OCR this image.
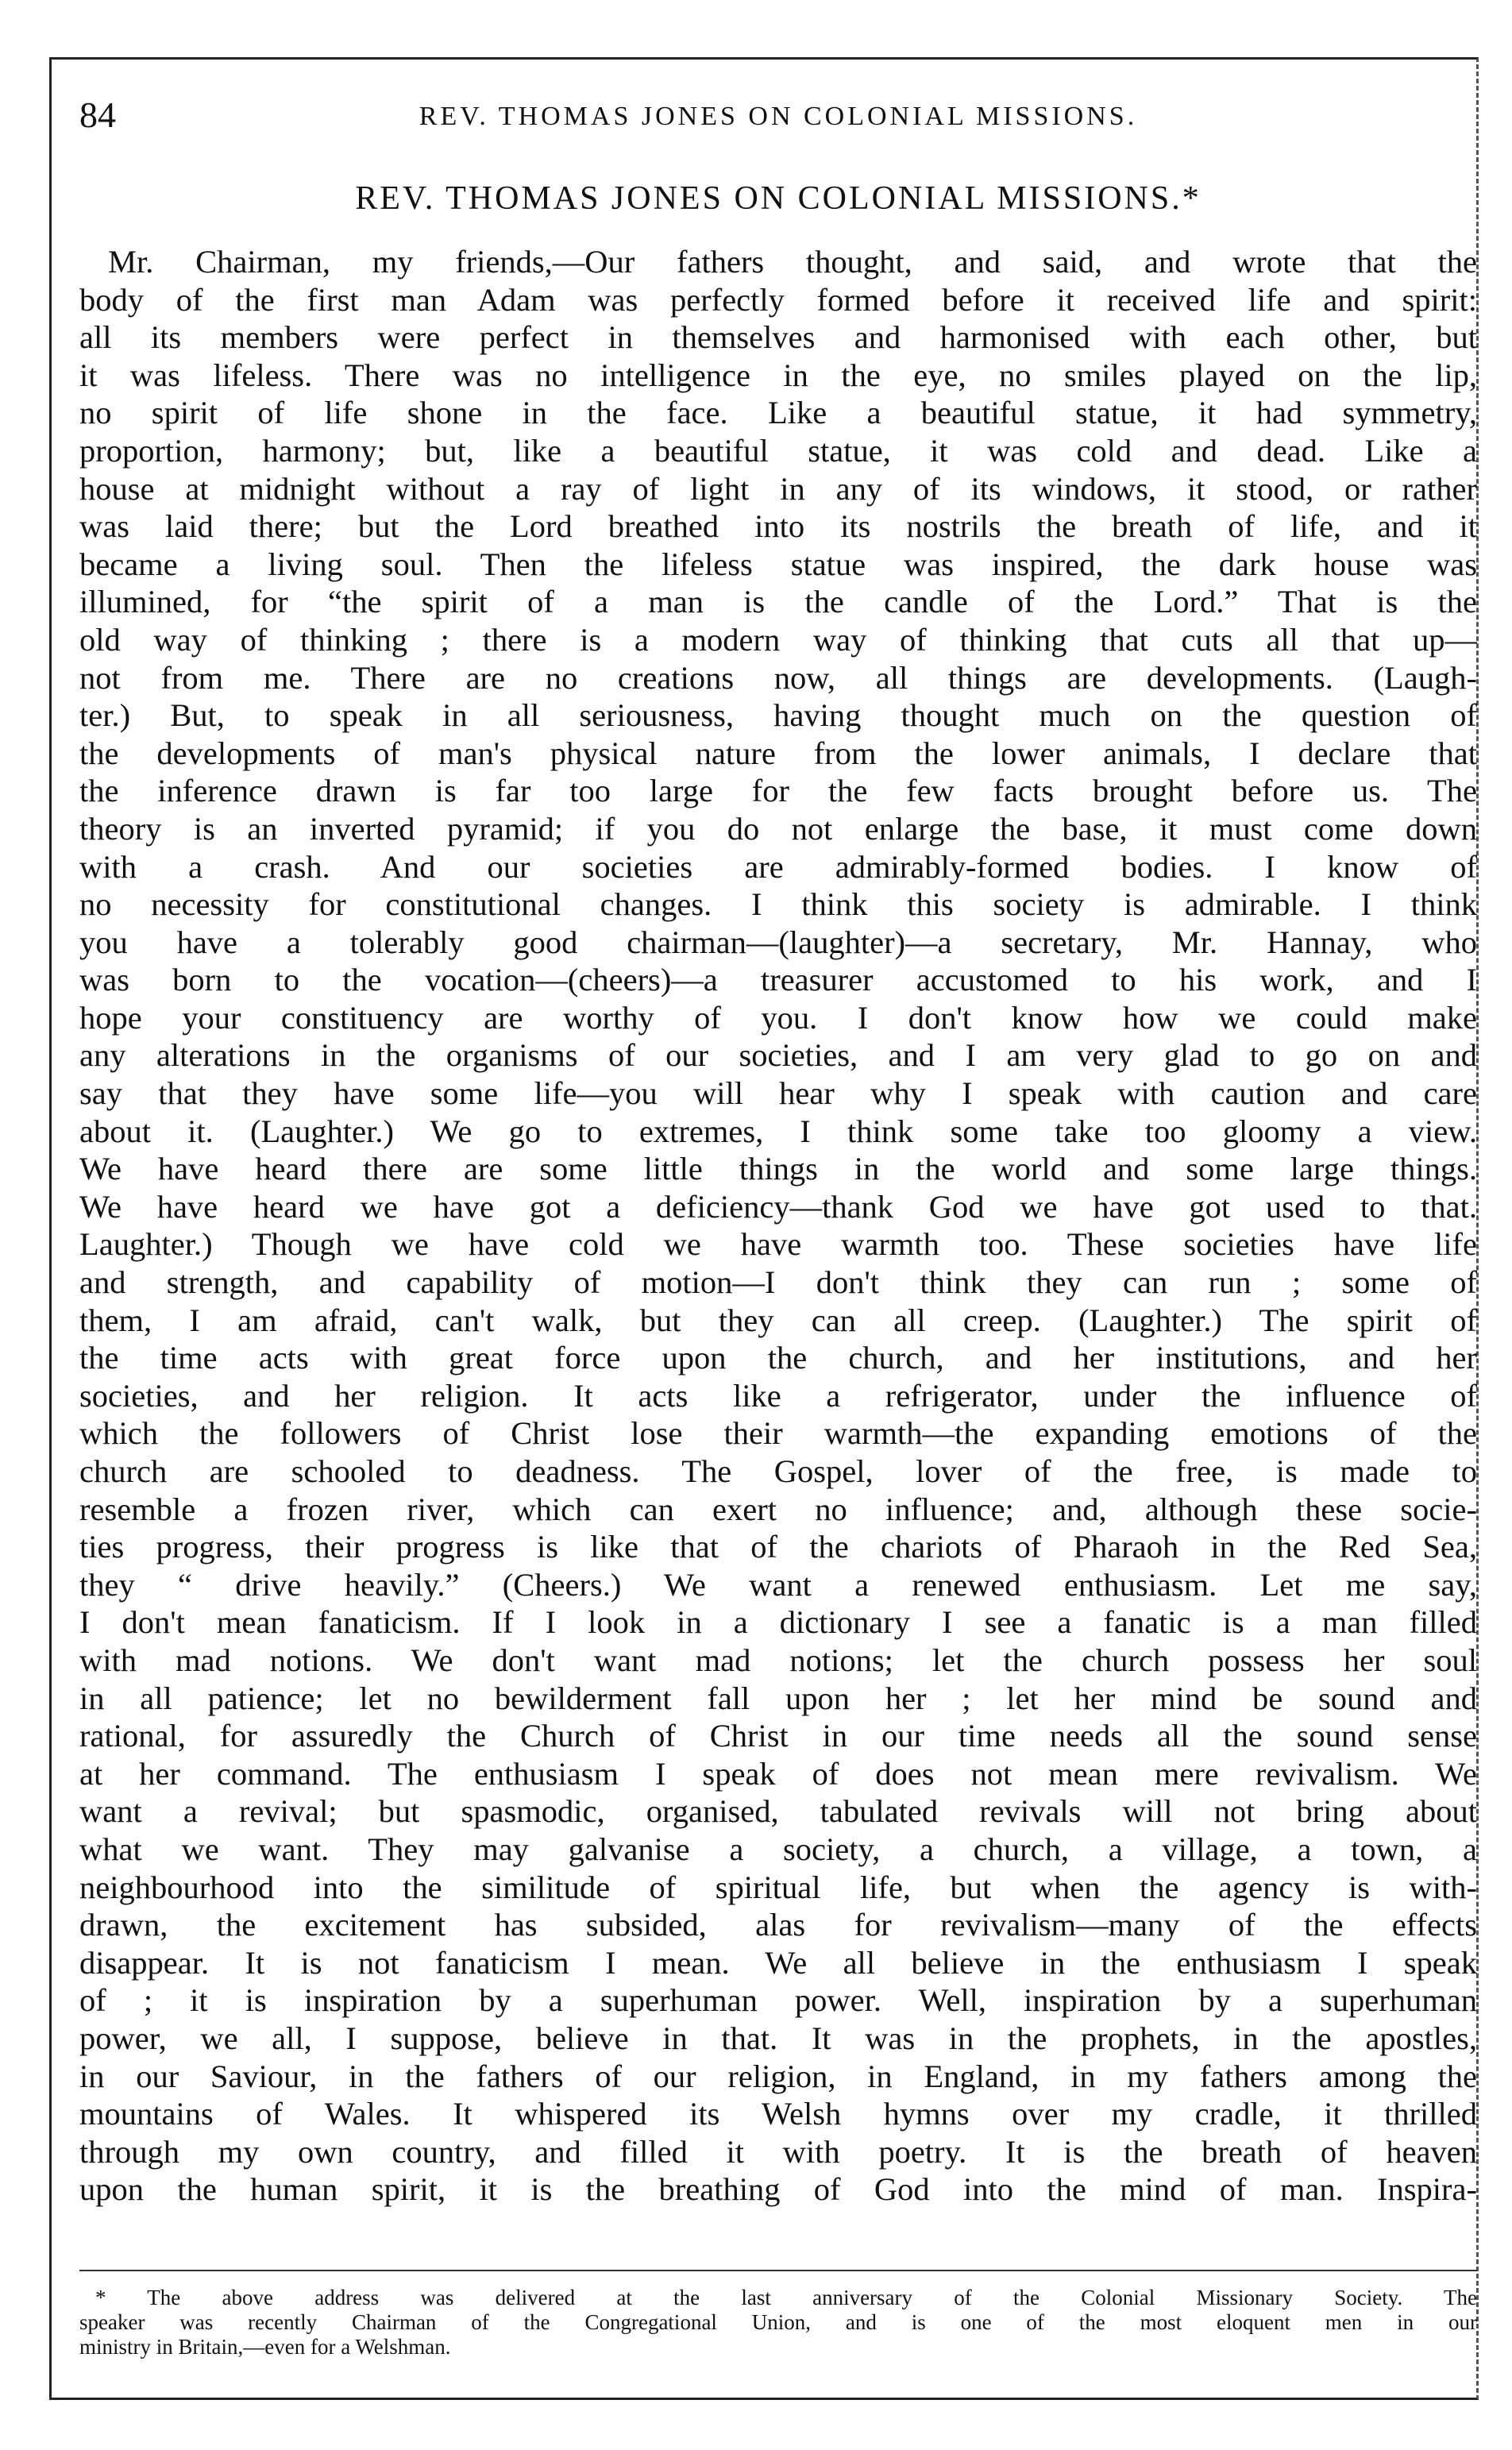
84	REV. THOMAS JONES ON COLONIAL MISSIONS.
REV. THOMAS JONES ON COLONIAL MISSIONS.*
Mr. Chairman, my friends,—Our fathers thought, and said, and wrote that the
body of the first man Adam was perfectly formed before it received life and spirit:
all its members were perfect in themselves and harmonised with each other, but
it was lifeless. There was no intelligence in the eye, no smiles played on the lip,
no spirit of life shone in the face. Like a beautiful statue, it had symmetry,
proportion, harmony; but, like a beautiful statue, it was cold and dead. Like a
house at midnight without a ray of light in any of its windows, it stood, or rather
was laid there; but the Lord breathed into its nostrils the breath of life, and it
became a living soul. Then the lifeless statue was inspired, the dark house was
illumined, for “the spirit of a man is the candle of the Lord.” That is the
old way of thinking ; there is a modern way of thinking that cuts all that up—
not from me. There are no creations now, all things are developments. (Laugh-
ter.) But, to speak in all seriousness, having thought much on the question of
the developments of man's physical nature from the lower animals, I declare that
the inference drawn is far too large for the few facts brought before us. The
theory is an inverted pyramid; if you do not enlarge the base, it must come down
with a crash. And our societies are admirably-formed bodies. I know of
no necessity for constitutional changes. I think this society is admirable. I think
you have a tolerably good chairman—(laughter)—a secretary, Mr. Hannay, who
was born to the vocation—(cheers)—a treasurer accustomed to his work, and I
hope your constituency are worthy of you. I don't know how we could make
any alterations in the organisms of our societies, and I am very glad to go on and
say that they have some life—you will hear why I speak with caution and care
about it. (Laughter.) We go to extremes, I think some take too gloomy a view.
We have heard there are some little things in the world and some large things.
We have heard we have got a deficiency—thank God we have got used to that.
Laughter.) Though we have cold we have warmth too. These societies have life
and strength, and capability of motion—I don't think they can run ; some of
them, I am afraid, can't walk, but they can all creep. (Laughter.) The spirit of
the time acts with great force upon the church, and her institutions, and her
societies, and her religion. It acts like a refrigerator, under the influence of
which the followers of Christ lose their warmth—the expanding emotions of the
church are schooled to deadness. The Gospel, lover of the free, is made to
resemble a frozen river, which can exert no influence; and, although these socie-
ties progress, their progress is like that of the chariots of Pharaoh in the Red Sea,
they “ drive heavily.” (Cheers.) We want a renewed enthusiasm. Let me say,
I don't mean fanaticism. If I look in a dictionary I see a fanatic is a man filled
with mad notions. We don't want mad notions; let the church possess her soul
in all patience; let no bewilderment fall upon her ; let her mind be sound and
rational, for assuredly the Church of Christ in our time needs all the sound sense
at her command. The enthusiasm I speak of does not mean mere revivalism. We
want a revival; but spasmodic, organised, tabulated revivals will not bring about
what we want. They may galvanise a society, a church, a village, a town, a
neighbourhood into the similitude of spiritual life, but when the agency is with-
drawn, the excitement has subsided, alas for revivalism—many of the effects
disappear. It is not fanaticism I mean. We all believe in the enthusiasm I speak
of ; it is inspiration by a superhuman power. Well, inspiration by a superhuman
power, we all, I suppose, believe in that. It was in the prophets, in the apostles,
in our Saviour, in the fathers of our religion, in England, in my fathers among the
mountains of Wales. It whispered its Welsh hymns over my cradle, it thrilled
through my own country, and filled it with poetry. It is the breath of heaven
upon the human spirit, it is the breathing of God into the mind of man. Inspira-
* The above address was delivered at the last anniversary of the Colonial Missionary Society. The
speaker was recently Chairman of the Congregational Union, and is one of the most eloquent men in our
ministry in Britain,—even for a Welshman.
